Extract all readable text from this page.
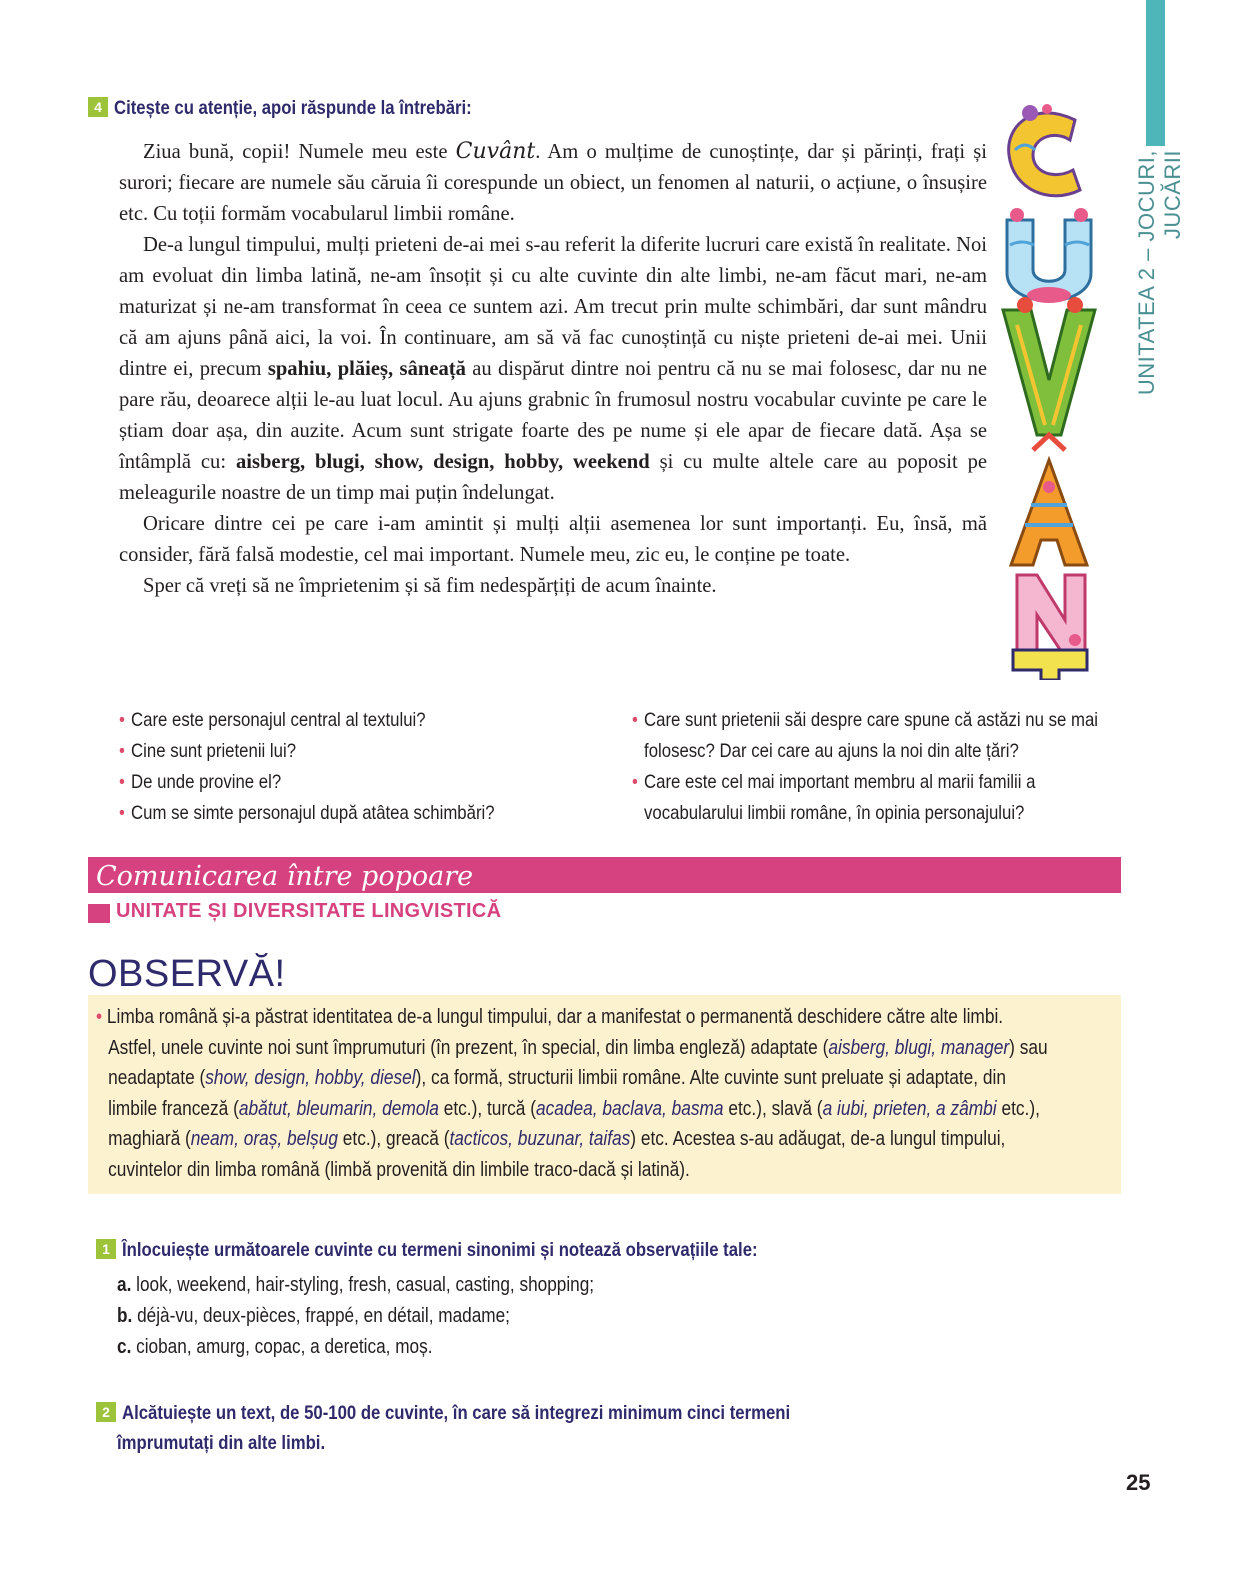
UNITATEA 2 – JOCURI, JUCĂRII
4 Citește cu atenție, apoi răspunde la întrebări:

Ziua bună, copii! Numele meu este Cuvânt. Am o mulțime de cunoștințe, dar și părinți, frați și surori; fiecare are numele său căruia îi corespunde un obiect, un fenomen al naturii, o acțiune, o însușire etc. Cu toții formăm vocabularul limbii române.

De-a lungul timpului, mulți prieteni de-ai mei s-au referit la diferite lucruri care există în realitate. Noi am evoluat din limba latină, ne-am însoțit și cu alte cuvinte din alte limbi, ne-am făcut mari, ne-am maturizat și ne-am transformat în ceea ce suntem azi. Am trecut prin multe schimbări, dar sunt mândru că am ajuns până aici, la voi. În continuare, am să vă fac cunoștință cu niște prieteni de-ai mei. Unii dintre ei, precum spahiu, plăieș, sâneață au dispărut dintre noi pentru că nu se mai folosesc, dar nu ne pare rău, deoarece alții le-au luat locul. Au ajuns grabnic în frumosul nostru vocabular cuvinte pe care le știam doar așa, din auzite. Acum sunt strigate foarte des pe nume și ele apar de fiecare dată. Așa se întâmplă cu: aisberg, blugi, show, design, hobby, weekend și cu multe altele care au poposit pe meleagurile noastre de un timp mai puțin îndelungat.

Oricare dintre cei pe care i-am amintit și mulți alții asemenea lor sunt importanți. Eu, însă, mă consider, fără falsă modestie, cel mai important. Numele meu, zic eu, le conține pe toate.

Sper că vreți să ne împrietenim și să fim nedespărțiți de acum înainte.

• Care este personajul central al textului?
• Cine sunt prietenii lui?
• De unde provine el?
• Cum se simte personajul după atâtea schimbări?
• Care sunt prietenii săi despre care spune că astăzi nu se mai

• folosesc? Dar cei care au ajuns la noi din alte țări?
• Care este cel mai important membru al marii familii a

• vocabularului limbii române, în opinia personajului?
Comunicarea între popoare
UNITATE ȘI DIVERSITATE LINGVISTICĂ
OBSERVĂ!
• Limba română și-a păstrat identitatea de-a lungul timpului, dar a manifestat o permanentă deschidere către alte limbi.
Astfel, unele cuvinte noi sunt împrumuturi (în prezent, în special, din limba engleză) adaptate (aisberg, blugi, manager) sau
neadaptate (show, design, hobby, diesel), ca formă, structurii limbii române. Alte cuvinte sunt preluate și adaptate, din
limbile franceză (abătut, bleumarin, demola etc.), turcă (acadea, baclava, basma etc.), slavă (a iubi, prieten, a zâmbi etc.),
maghiară (neam, oraș, belșug etc.), greacă (tacticos, buzunar, taifas) etc. Acestea s-au adăugat, de-a lungul timpului,
cuvintelor din limba română (limbă provenită din limbile traco-dacă și latină).
1 Înlocuiește următoarele cuvinte cu termeni sinonimi și notează observațiile tale:
a. look, weekend, hair-styling, fresh, casual, casting, shopping;
b. déjà-vu, deux-pièces, frappé, en détail, madame;
c. cioban, amurg, copac, a deretica, moș.
2 Alcătuiește un text, de 50-100 de cuvinte, în care să integrezi minimum cinci termeni
împrumutați din alte limbi.
25
